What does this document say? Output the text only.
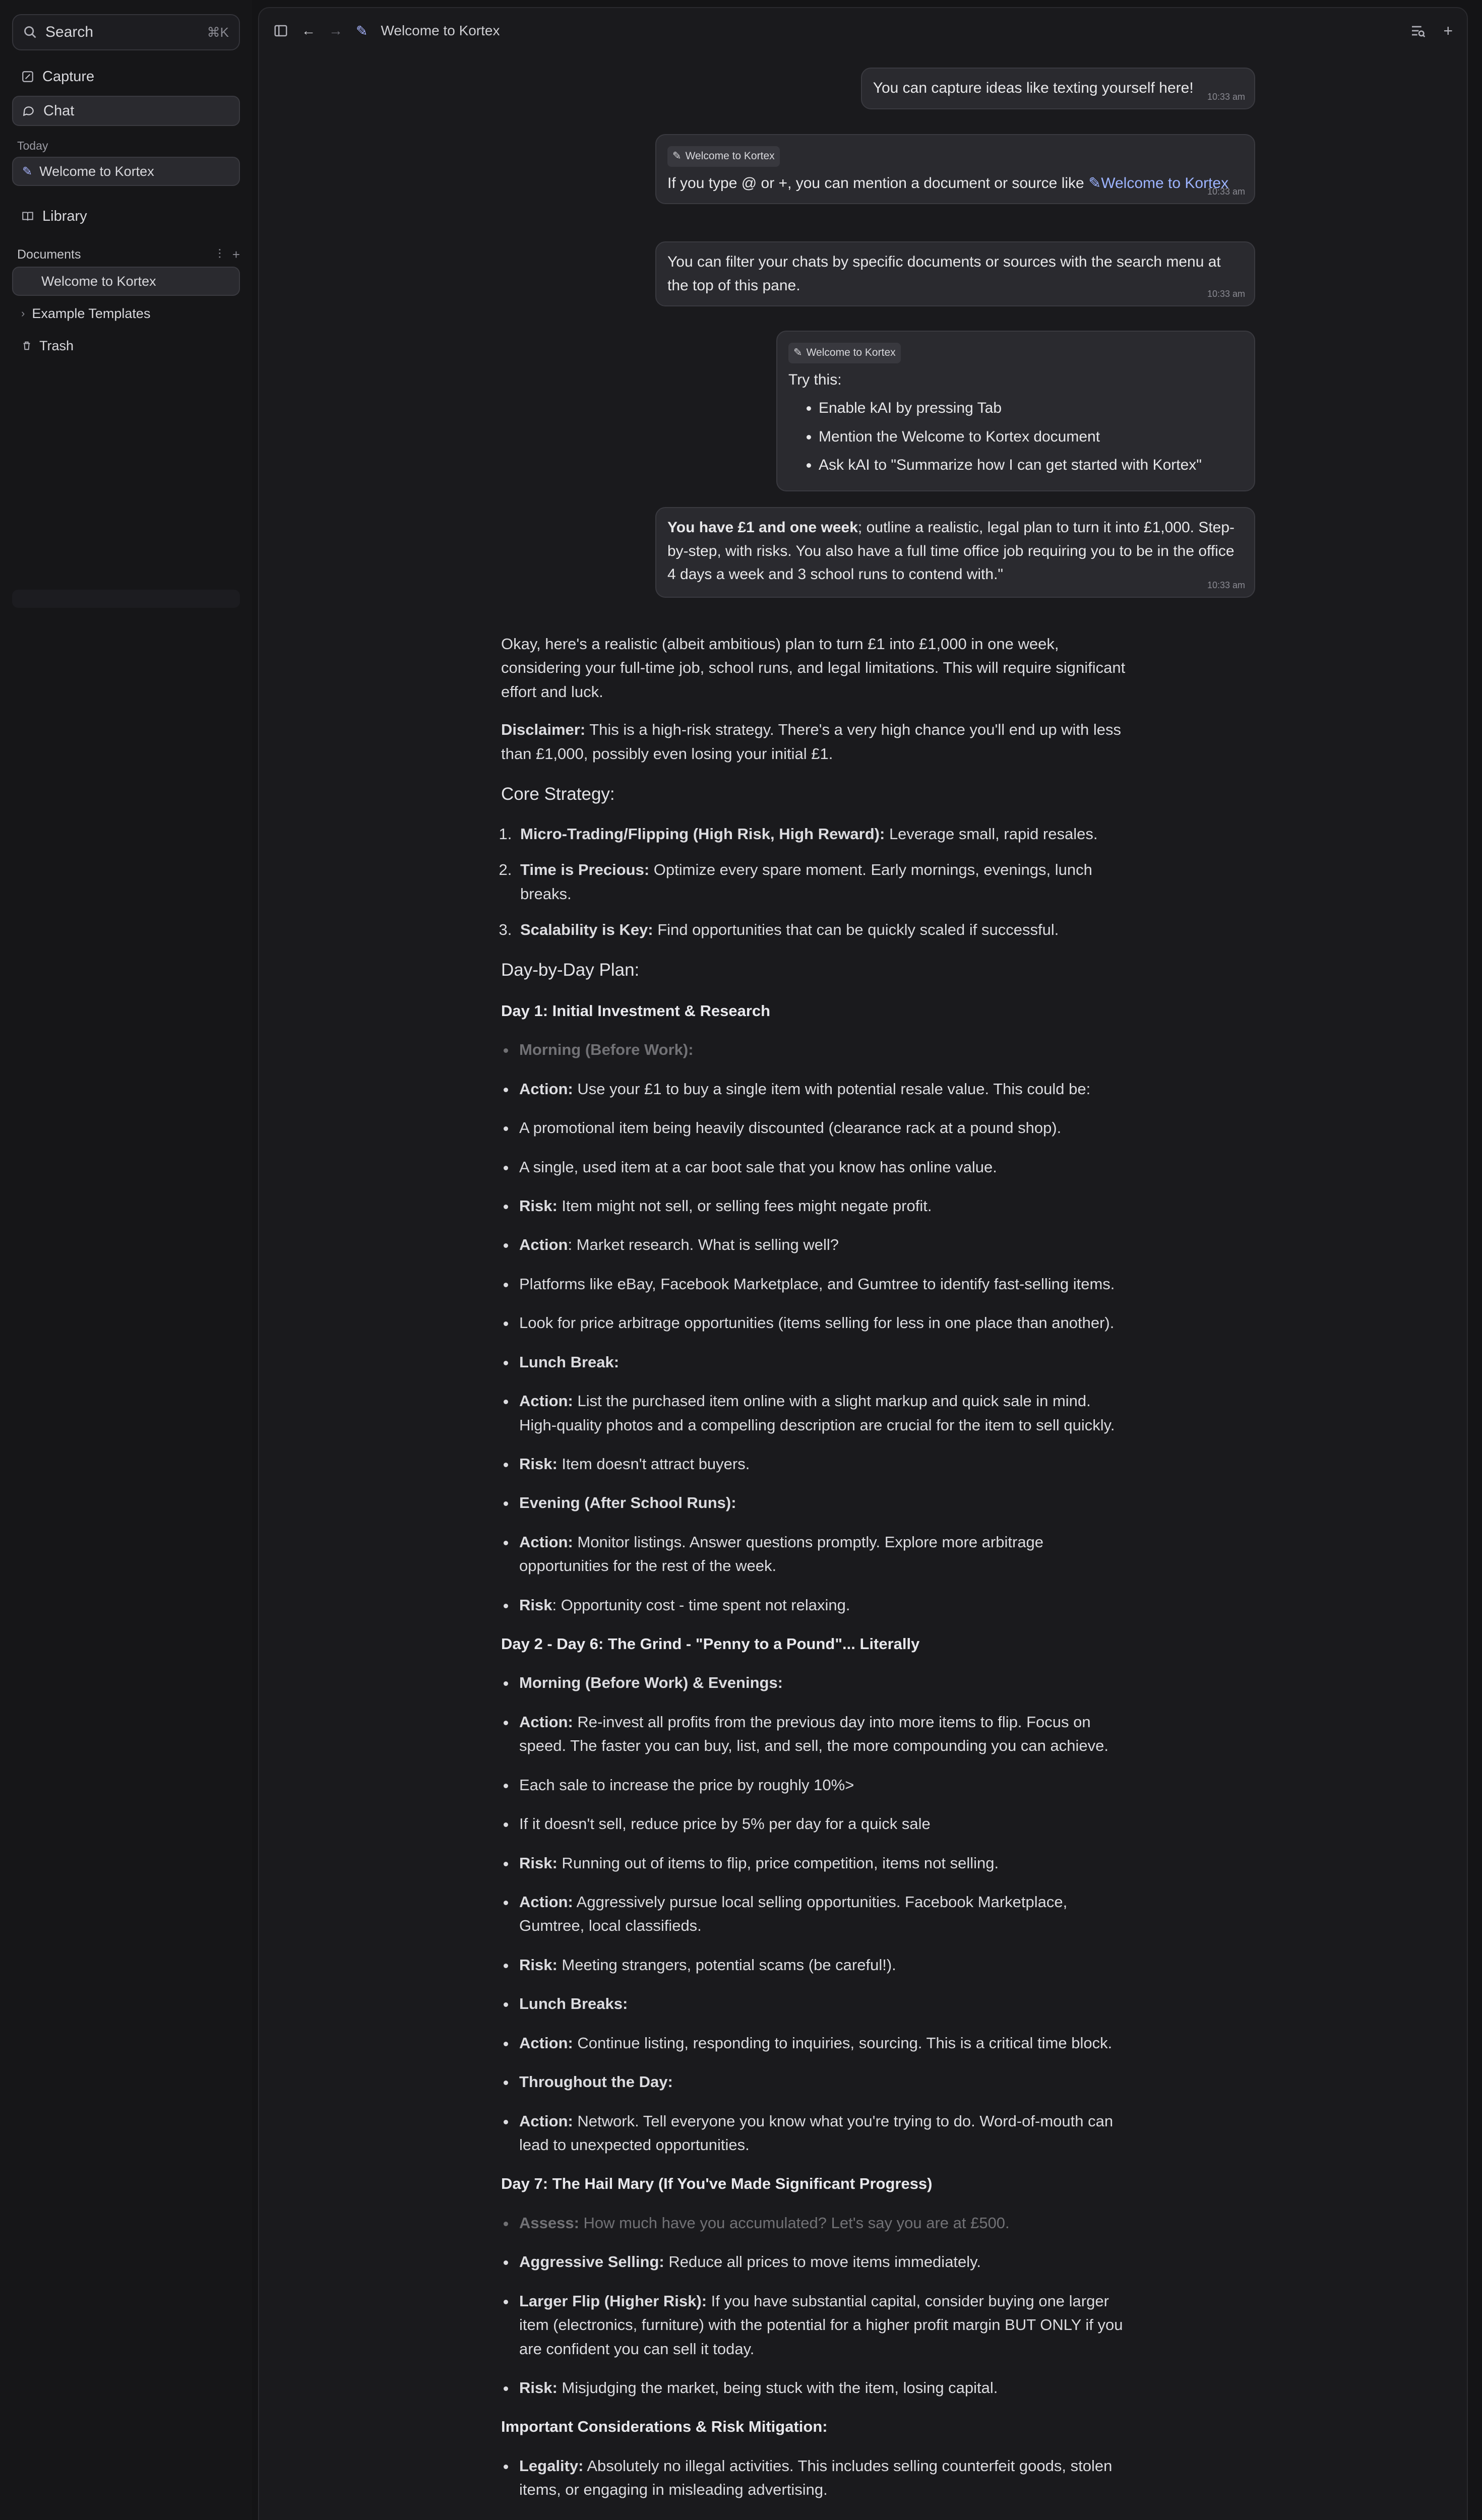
Search	⌘K
Capture
Chat
Today
✎ Welcome to Kortex
Library
Documents	⫶ +
Welcome to Kortex
› Example Templates
Trash

← → ✎ Welcome to Kortex	+
You can capture ideas like texting yourself here!
10:33 am
✎ Welcome to Kortex
If you type @ or +, you can mention a document or source like ✎Welcome to Kortex
10:33 am
You can filter your chats by specific documents or sources with the search menu at the top of this pane.
10:33 am
✎ Welcome to Kortex
Try this:
• Enable kAI by pressing Tab
• Mention the Welcome to Kortex document
• Ask kAI to "Summarize how I can get started with Kortex"
You have £1 and one week; outline a realistic, legal plan to turn it into £1,000. Step-by-step, with risks. You also have a full time office job requiring you to be in the office 4 days a week and 3 school runs to contend with."
10:33 am

Okay, here's a realistic (albeit ambitious) plan to turn £1 into £1,000 in one week, considering your full-time job, school runs, and legal limitations. This will require significant effort and luck.

Disclaimer: This is a high-risk strategy. There's a very high chance you'll end up with less than £1,000, possibly even losing your initial £1.

Core Strategy:
1. Micro-Trading/Flipping (High Risk, High Reward): Leverage small, rapid resales.
2. Time is Precious: Optimize every spare moment. Early mornings, evenings, lunch breaks.
3. Scalability is Key: Find opportunities that can be quickly scaled if successful.
Day-by-Day Plan:
Day 1: Initial Investment & Research
• Morning (Before Work):
• Action: Use your £1 to buy a single item with potential resale value. This could be:
• A promotional item being heavily discounted (clearance rack at a pound shop).
• A single, used item at a car boot sale that you know has online value.
• Risk: Item might not sell, or selling fees might negate profit.
• Action: Market research. What is selling well?
• Platforms like eBay, Facebook Marketplace, and Gumtree to identify fast-selling items.
• Look for price arbitrage opportunities (items selling for less in one place than another).
• Lunch Break:
• Action: List the purchased item online with a slight markup and quick sale in mind. High-quality photos and a compelling description are crucial for the item to sell quickly.
• Risk: Item doesn't attract buyers.
• Evening (After School Runs):
• Action: Monitor listings. Answer questions promptly. Explore more arbitrage opportunities for the rest of the week.
• Risk: Opportunity cost - time spent not relaxing.
Day 2 - Day 6: The Grind - "Penny to a Pound"... Literally
• Morning (Before Work) & Evenings:
• Action: Re-invest all profits from the previous day into more items to flip. Focus on speed. The faster you can buy, list, and sell, the more compounding you can achieve.
• Each sale to increase the price by roughly 10%>
• If it doesn't sell, reduce price by 5% per day for a quick sale
• Risk: Running out of items to flip, price competition, items not selling.
• Action: Aggressively pursue local selling opportunities. Facebook Marketplace, Gumtree, local classifieds.
• Risk: Meeting strangers, potential scams (be careful!).
• Lunch Breaks:
• Action: Continue listing, responding to inquiries, sourcing. This is a critical time block.
• Throughout the Day:
• Action: Network. Tell everyone you know what you're trying to do. Word-of-mouth can lead to unexpected opportunities.
Day 7: The Hail Mary (If You've Made Significant Progress)
• Assess: How much have you accumulated? Let's say you are at £500.
• Aggressive Selling: Reduce all prices to move items immediately.
• Larger Flip (Higher Risk): If you have substantial capital, consider buying one larger item (electronics, furniture) with the potential for a higher profit margin BUT ONLY if you are confident you can sell it today.
• Risk: Misjudging the market, being stuck with the item, losing capital.
Important Considerations & Risk Mitigation:
• Legality: Absolutely no illegal activities. This includes selling counterfeit goods, stolen items, or engaging in misleading advertising.
•
